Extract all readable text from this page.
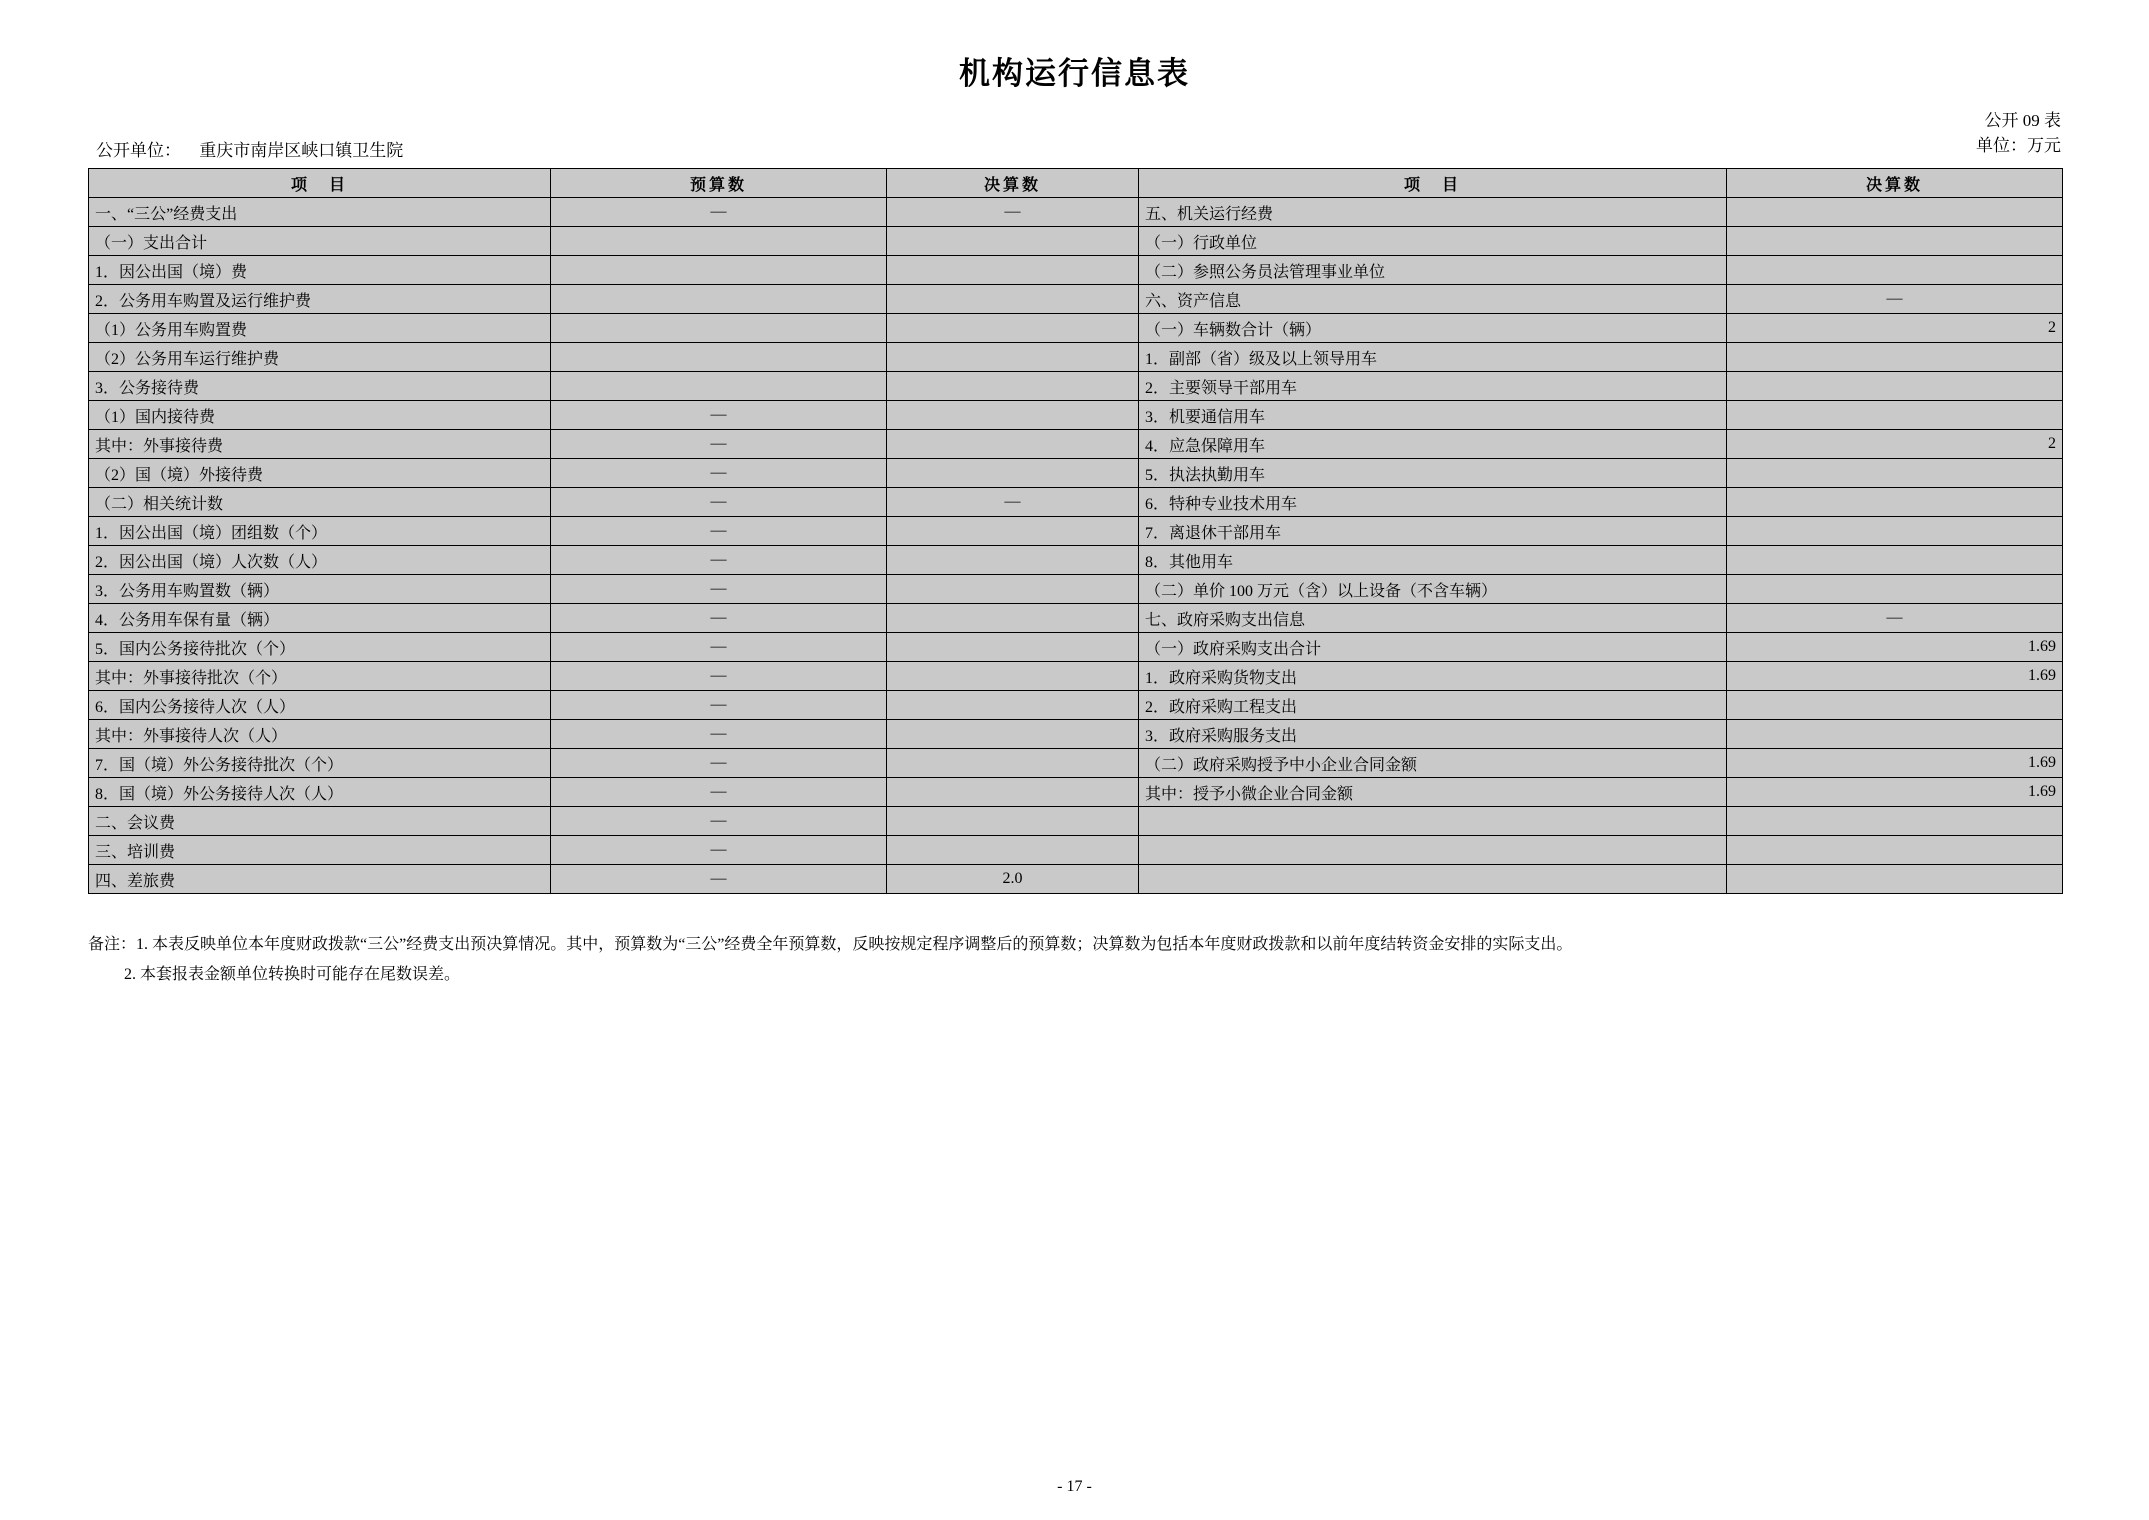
机构运行信息表
公开 09 表
单位：万元
公开单位： 重庆市南岸区峡口镇卫生院
项　目	预算数	决算数	项　目	决算数
一、“三公”经费支出	—	—	五、机关运行经费	
（一）支出合计			（一）行政单位	
1．因公出国（境）费			（二）参照公务员法管理事业单位	
2．公务用车购置及运行维护费			六、资产信息	—
（1）公务用车购置费			（一）车辆数合计（辆）	2
（2）公务用车运行维护费			1．副部（省）级及以上领导用车	
3．公务接待费			2．主要领导干部用车	
（1）国内接待费	—		3．机要通信用车	
其中：外事接待费	—		4．应急保障用车	2
（2）国（境）外接待费	—		5．执法执勤用车	
（二）相关统计数	—	—	6．特种专业技术用车	
1．因公出国（境）团组数（个）	—		7．离退休干部用车	
2．因公出国（境）人次数（人）	—		8．其他用车	
3．公务用车购置数（辆）	—		（二）单价 100 万元（含）以上设备（不含车辆）	
4．公务用车保有量（辆）	—		七、政府采购支出信息	—
5．国内公务接待批次（个）	—		（一）政府采购支出合计	1.69
其中：外事接待批次（个）	—		1．政府采购货物支出	1.69
6．国内公务接待人次（人）	—		2．政府采购工程支出	
其中：外事接待人次（人）	—		3．政府采购服务支出	
7．国（境）外公务接待批次（个）	—		（二）政府采购授予中小企业合同金额	1.69
8．国（境）外公务接待人次（人）	—		其中：授予小微企业合同金额	1.69
二、会议费	—			
三、培训费	—			
四、差旅费	—	2.0		
备注：1. 本表反映单位本年度财政拨款“三公”经费支出预决算情况。其中，预算数为“三公”经费全年预算数，反映按规定程序调整后的预算数；决算数为包括本年度财政拨款和以前年度结转资金安排的实际支出。
2. 本套报表金额单位转换时可能存在尾数误差。
- 17 -
